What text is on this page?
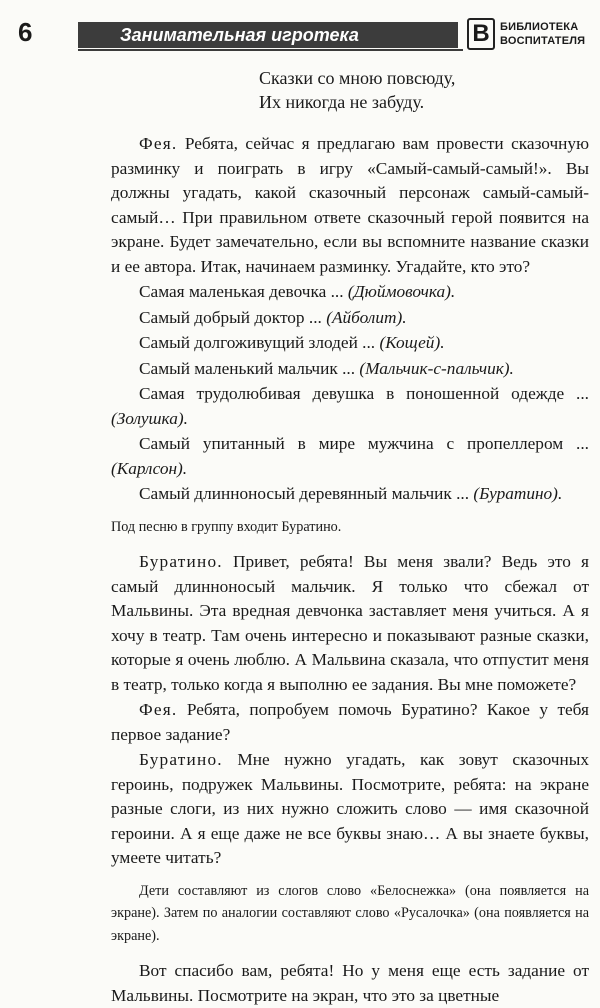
6	Занимательная игротека	В БИБЛИОТЕКА
ВОСПИТАТЕЛЯ
Сказки со мною повсюду,
Их никогда не забуду.

Фея. Ребята, сейчас я предлагаю вам провести сказочную разминку и поиграть в игру «Самый-самый-самый!». Вы должны угадать, какой сказочный персонаж самый-самый-самый… При правильном ответе сказочный герой появится на экране. Будет замечательно, если вы вспомните название сказки и ее автора. Итак, начинаем разминку. Угадайте, кто это?

Самая маленькая девочка ... (Дюймовочка).

Самый добрый доктор ... (Айболит).

Самый долгоживущий злодей ... (Кощей).

Самый маленький мальчик ... (Мальчик-с-пальчик).

Самая трудолюбивая девушка в поношенной одежде ... (Золушка).

Самый упитанный в мире мужчина с пропеллером ... (Карлсон).

Самый длинноносый деревянный мальчик ... (Буратино).

Под песню в группу входит Буратино.

Буратино. Привет, ребята! Вы меня звали? Ведь это я самый длинноносый мальчик. Я только что сбежал от Мальвины. Эта вредная девчонка заставляет меня учиться. А я хочу в театр. Там очень интересно и показывают разные сказки, которые я очень люблю. А Мальвина сказала, что отпустит меня в театр, только когда я выполню ее задания. Вы мне поможете?

Фея. Ребята, попробуем помочь Буратино? Какое у тебя первое задание?

Буратино. Мне нужно угадать, как зовут сказочных героинь, подружек Мальвины. Посмотрите, ребята: на экране разные слоги, из них нужно сложить слово — имя сказочной героини. А я еще даже не все буквы знаю… А вы знаете буквы, умеете читать?

Дети составляют из слогов слово «Белоснежка» (она появляется на экране). Затем по аналогии составляют слово «Русалочка» (она появляется на экране).

Вот спасибо вам, ребята! Но у меня еще есть задание от Мальвины. Посмотрите на экран, что это за цветные
